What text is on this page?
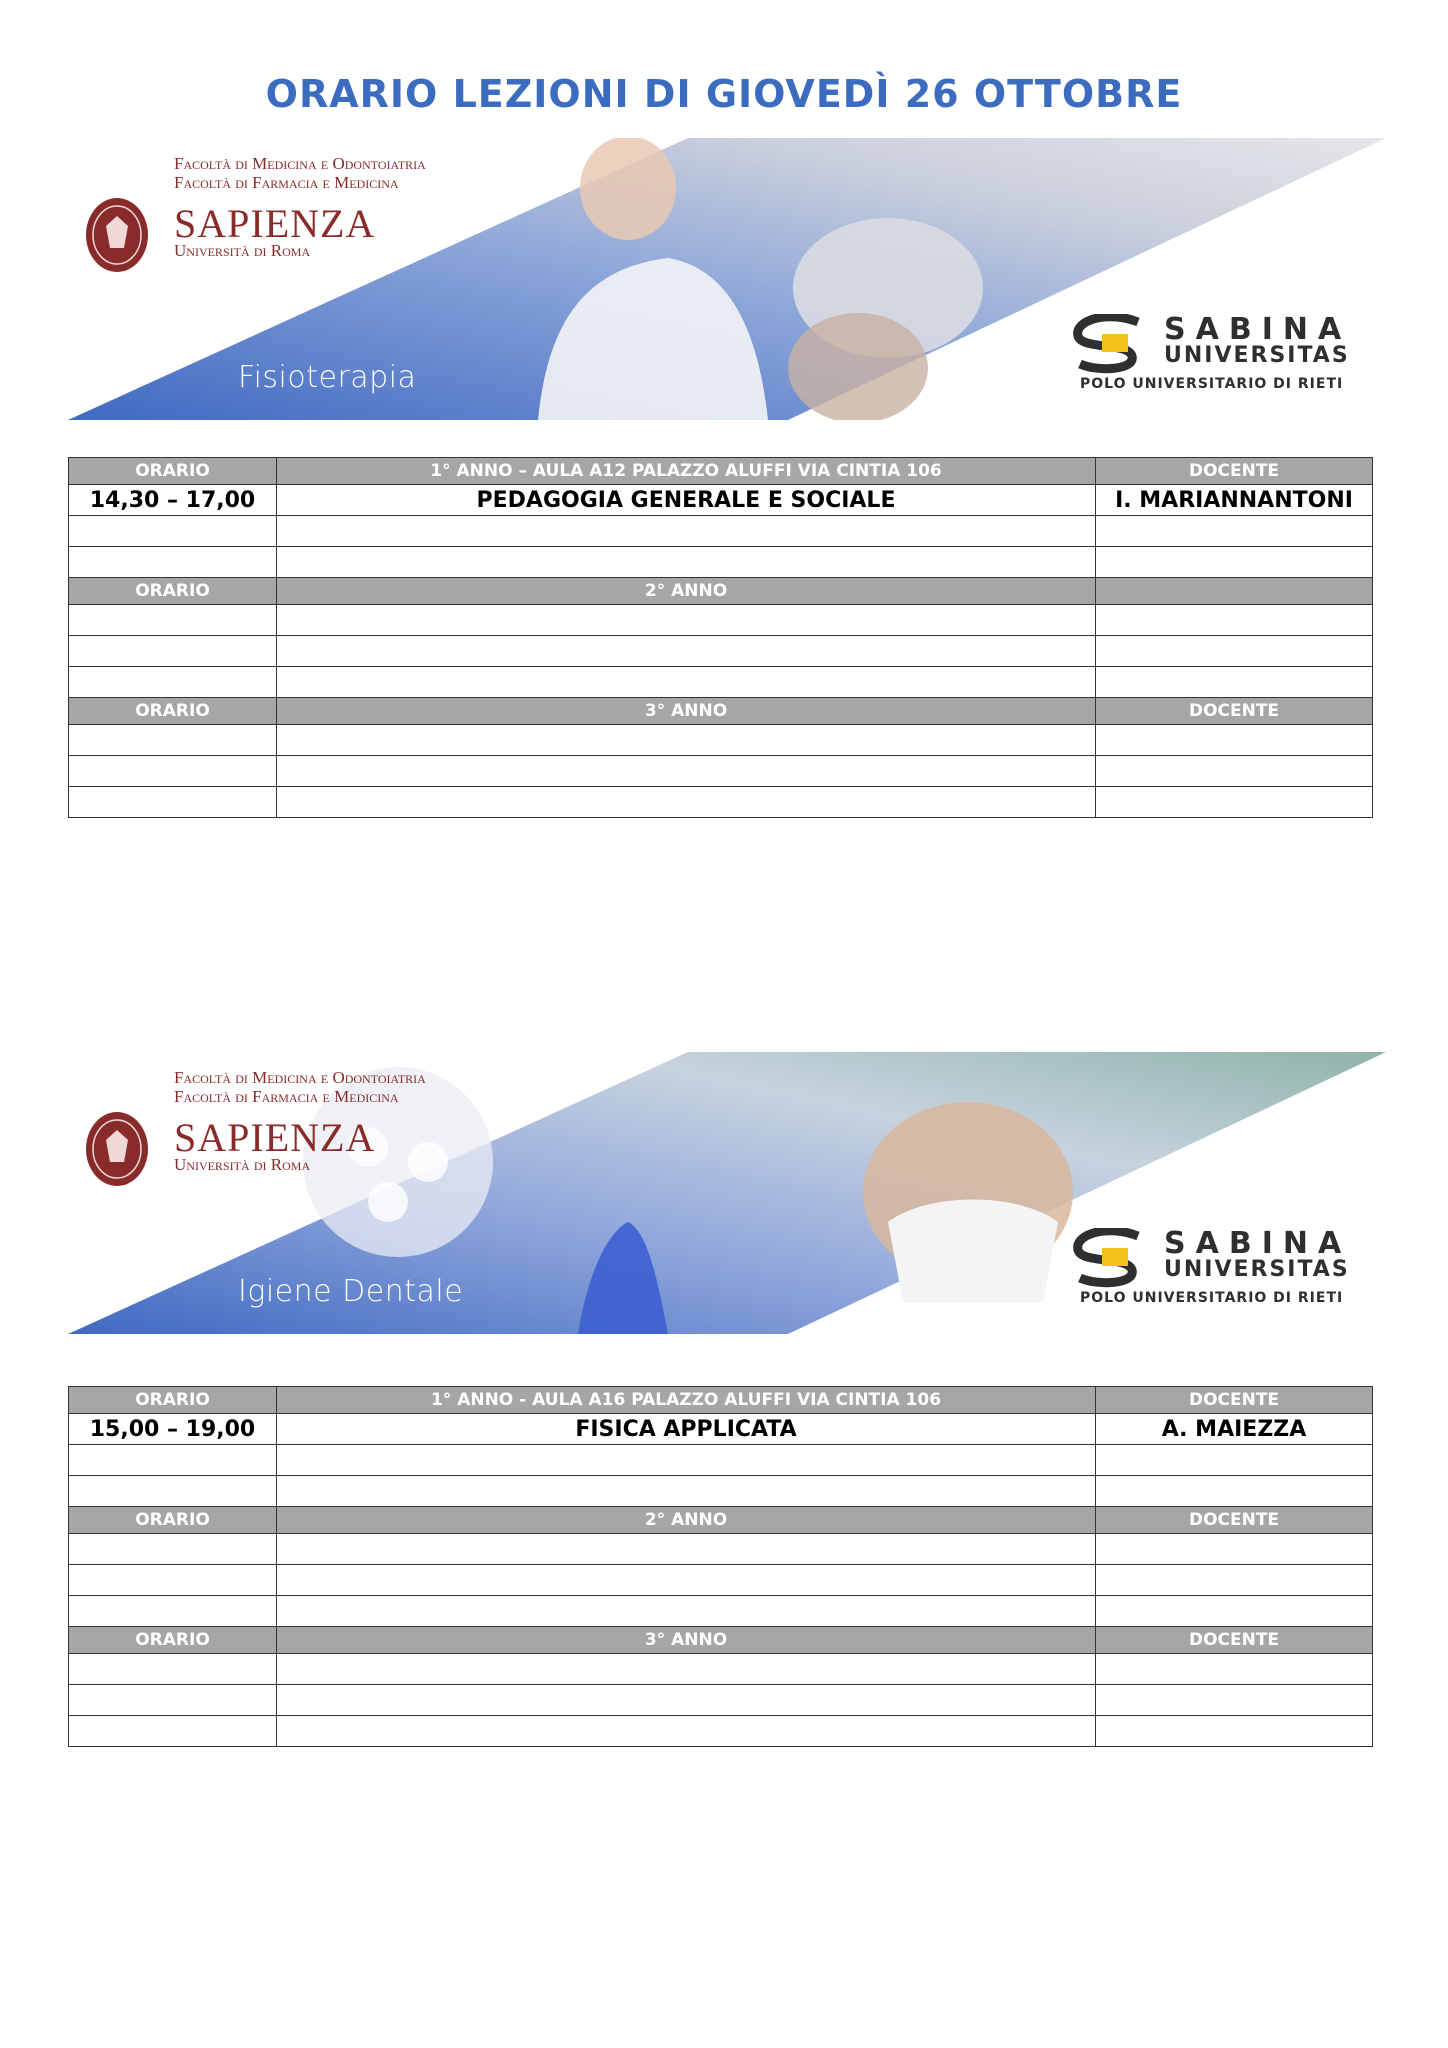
ORARIO LEZIONI DI GIOVEDÌ 26 OTTOBRE
Facoltà di Medicina e Odontoiatria
Facoltà di Farmacia e Medicina
SAPIENZA
Università di Roma
Fisioterapia
SABINA
UNIVERSITAS
POLO UNIVERSITARIO DI RIETI
ORARIO	1° ANNO – AULA A12 PALAZZO ALUFFI VIA CINTIA 106	DOCENTE
14,30 – 17,00	PEDAGOGIA GENERALE E SOCIALE	I. MARIANNANTONI

ORARIO	2° ANNO	

ORARIO	3° ANNO	DOCENTE

Facoltà di Medicina e Odontoiatria
Facoltà di Farmacia e Medicina
SAPIENZA
Università di Roma
Igiene Dentale
SABINA
UNIVERSITAS
POLO UNIVERSITARIO DI RIETI
ORARIO	1° ANNO - AULA A16 PALAZZO ALUFFI VIA CINTIA 106	DOCENTE
15,00 – 19,00	FISICA APPLICATA	A. MAIEZZA

ORARIO	2° ANNO	DOCENTE

ORARIO	3° ANNO	DOCENTE
